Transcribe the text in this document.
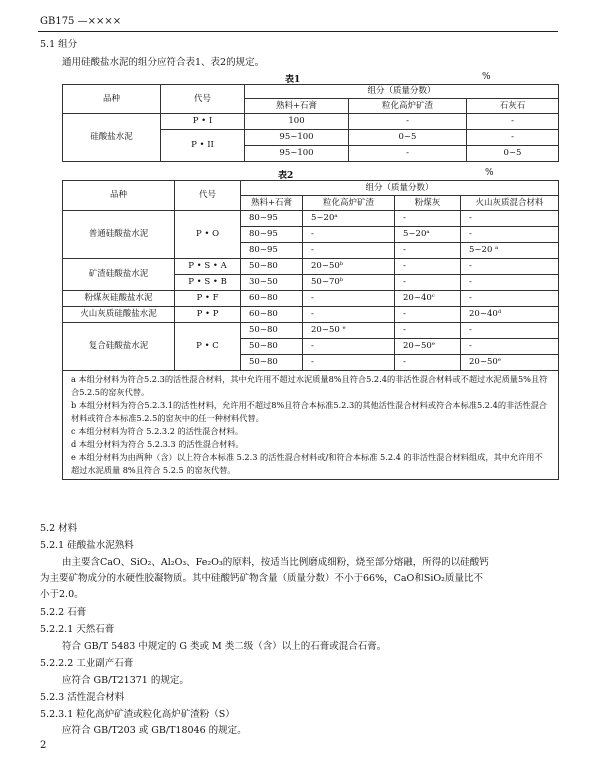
GB175 —××××
5.1 组分
通用硅酸盐水泥的组分应符合表1、表2的规定。
表1	%
品种	代号	组分（质量分数）		
		熟料+石膏	粒化高炉矿渣	石灰石
硅酸盐水泥	P • I	100	-	-
	P • II	95~100	0~5	-
		95~100	-	0~5
表2	%
品种	代号	组分（质量分数）			
		熟料+石膏	粒化高炉矿渣	粉煤灰	火山灰质混合材料
普通硅酸盐水泥	P • O	80~95	5~20ᵃ	-	-
		80~95	-	5~20ᵃ	-
		80~95	-	-	5~20 ᵃ
矿渣硅酸盐水泥	P • S • A	50~80	20~50ᵇ	-	-
	P • S • B	30~50	50~70ᵇ	-	-
粉煤灰硅酸盐水泥	P • F	60~80	-	20~40ᶜ	-
火山灰质硅酸盐水泥	P • P	60~80	-	-	20~40ᵈ
复合硅酸盐水泥	P • C	50~80	20~50 ᵉ	-	-
		50~80	-	20~50ᵉ	-
		50~80	-	-	20~50ᵉ

a 本组分材料为符合5.2.3的活性混合材料，其中允许用不超过水泥质量8%且符合5.2.4的非活性混合材料或不超过水泥质量5%且符合5.2.5的窑灰代替。
b 本组分材料为符合5.2.3.1的活性材料，允许用不超过8%且符合本标准5.2.3的其他活性混合材料或符合本标准5.2.4的非活性混合材料或符合本标准5.2.5的窑灰中的任一种材料代替。
c 本组分材料为符合 5.2.3.2 的活性混合材料。
d 本组分材料为符合 5.2.3.3 的活性混合材料。
e 本组分材料为由两种（含）以上符合本标准 5.2.3 的活性混合材料或/和符合本标准 5.2.4 的非活性混合材料组成，其中允许用不超过水泥质量 8%且符合 5.2.5 的窑灰代替。					
5.2 材料
5.2.1 硅酸盐水泥熟料
由主要含CaO、SiO₂、Al₂O₃、Fe₂O₃的原料，按适当比例磨成细粉，烧至部分熔融，所得的以硅酸钙
为主要矿物成分的水硬性胶凝物质。其中硅酸钙矿物含量（质量分数）不小于66%，CaO和SiO₂质量比不
小于2.0。
5.2.2 石膏
5.2.2.1 天然石膏
符合 GB/T 5483 中规定的 G 类或 M 类二级（含）以上的石膏或混合石膏。
5.2.2.2 工业副产石膏
应符合 GB/T21371 的规定。
5.2.3 活性混合材料
5.2.3.1 粒化高炉矿渣或粒化高炉矿渣粉（S）
应符合 GB/T203 或 GB/T18046 的规定。
2
